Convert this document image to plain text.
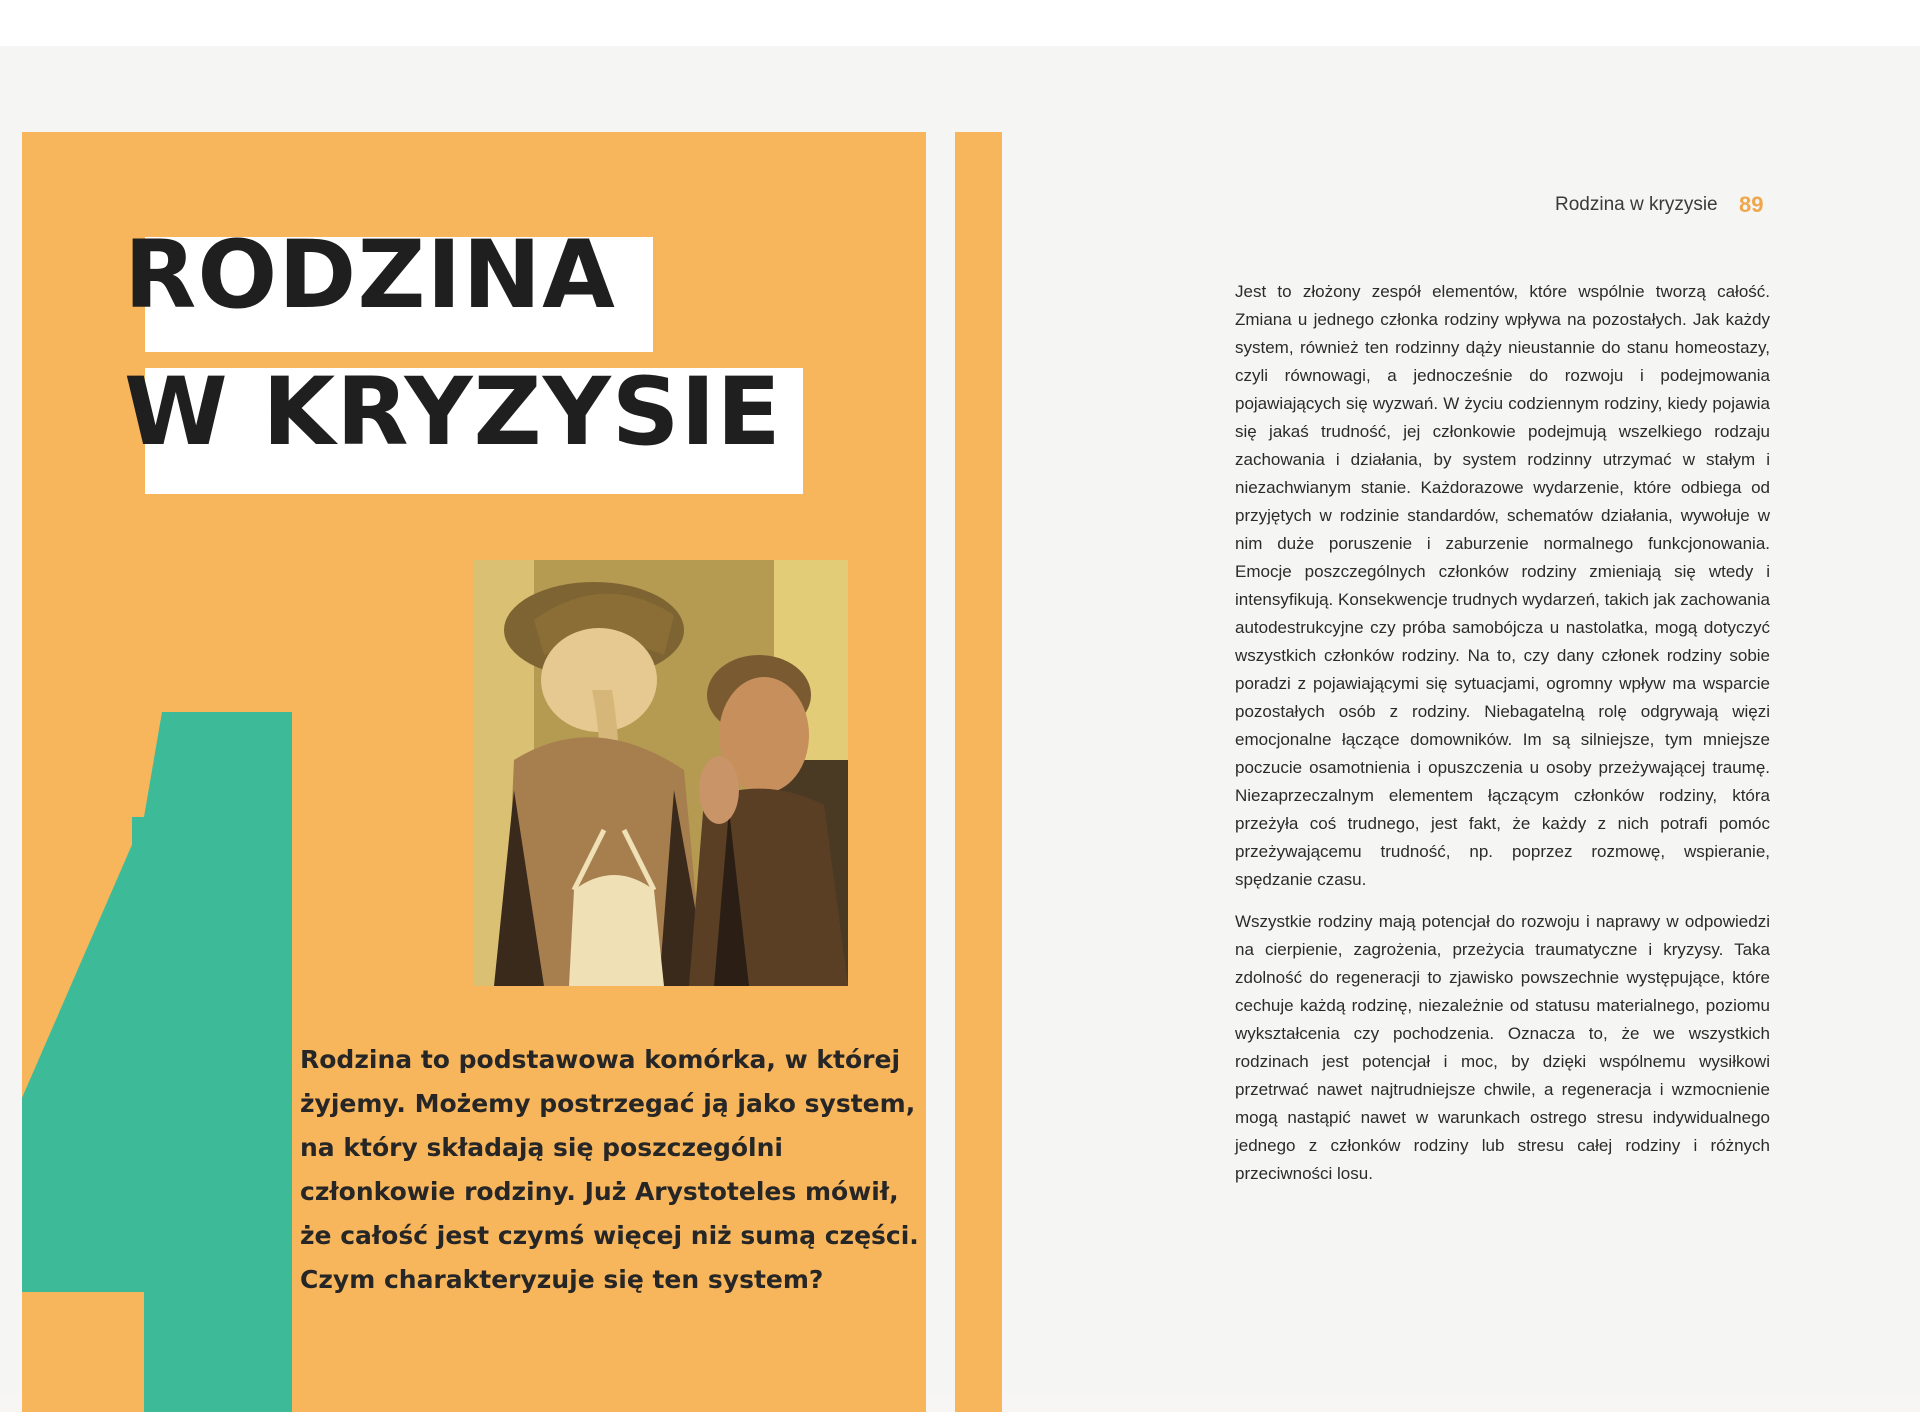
RODZINA
W KRYZYSIE

Rodzina to podstawowa komórka, w której żyjemy. Możemy postrzegać ją jako system, na który składają się poszczególni członkowie rodziny. Już Arystoteles mówił, że całość jest czymś więcej niż sumą części. Czym charakteryzuje się ten system?

Rodzina w kryzysie 89

Jest to złożony zespół elementów, które wspólnie tworzą całość. Zmiana u jednego członka rodziny wpływa na pozostałych. Jak każdy system, również ten rodzinny dąży nieustannie do stanu homeostazy, czyli równowagi, a jednocześnie do rozwoju i podejmowania pojawiających się wyzwań. W życiu codziennym rodziny, kiedy pojawia się jakaś trudność, jej członkowie podejmują wszelkiego rodzaju zachowania i działania, by system rodzinny utrzymać w stałym i niezachwianym stanie. Każdorazowe wydarzenie, które odbiega od przyjętych w rodzinie standardów, schematów działania, wywołuje w nim duże poruszenie i zaburzenie normalnego funkcjonowania. Emocje poszczególnych członków rodziny zmieniają się wtedy i intensyfikują. Konsekwencje trudnych wydarzeń, takich jak zachowania autodestrukcyjne czy próba samobójcza u nastolatka, mogą dotyczyć wszystkich członków rodziny. Na to, czy dany członek rodziny sobie poradzi z pojawiającymi się sytuacjami, ogromny wpływ ma wsparcie pozostałych osób z rodziny. Niebagatelną rolę odgrywają więzi emocjonalne łączące domowników. Im są silniejsze, tym mniejsze poczucie osamotnienia i opuszczenia u osoby przeżywającej traumę. Niezaprzeczalnym elementem łączącym członków rodziny, która przeżyła coś trudnego, jest fakt, że każdy z nich potrafi pomóc przeżywającemu trudność, np. poprzez rozmowę, wspieranie, spędzanie czasu.

Wszystkie rodziny mają potencjał do rozwoju i naprawy w odpowiedzi na cierpienie, zagrożenia, przeżycia traumatyczne i kryzysy. Taka zdolność do regeneracji to zjawisko powszechnie występujące, które cechuje każdą rodzinę, niezależnie od statusu materialnego, poziomu wykształcenia czy pochodzenia. Oznacza to, że we wszystkich rodzinach jest potencjał i moc, by dzięki wspólnemu wysiłkowi przetrwać nawet najtrudniejsze chwile, a regeneracja i wzmocnienie mogą nastąpić nawet w warunkach ostrego stresu indywidualnego jednego z członków rodziny lub stresu całej rodziny i różnych przeciwności losu.
